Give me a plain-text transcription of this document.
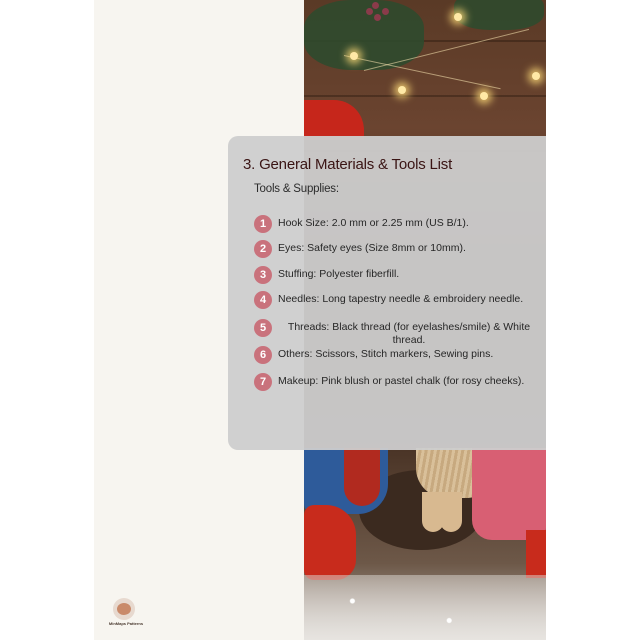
3. General Materials & Tools List
Tools & Supplies:
1	Hook Size: 2.0 mm or 2.25 mm (US B/1).
2	Eyes: Safety eyes (Size 8mm or 10mm).
3	Stuffing: Polyester fiberfill.
4	Needles: Long tapestry needle & embroidery needle.
5	Threads: Black thread (for eyelashes/smile) & White thread.
6	Others: Scissors, Stitch markers, Sewing pins.
7	Makeup: Pink blush or pastel chalk (for rosy cheeks).
MinMaps Patterns
